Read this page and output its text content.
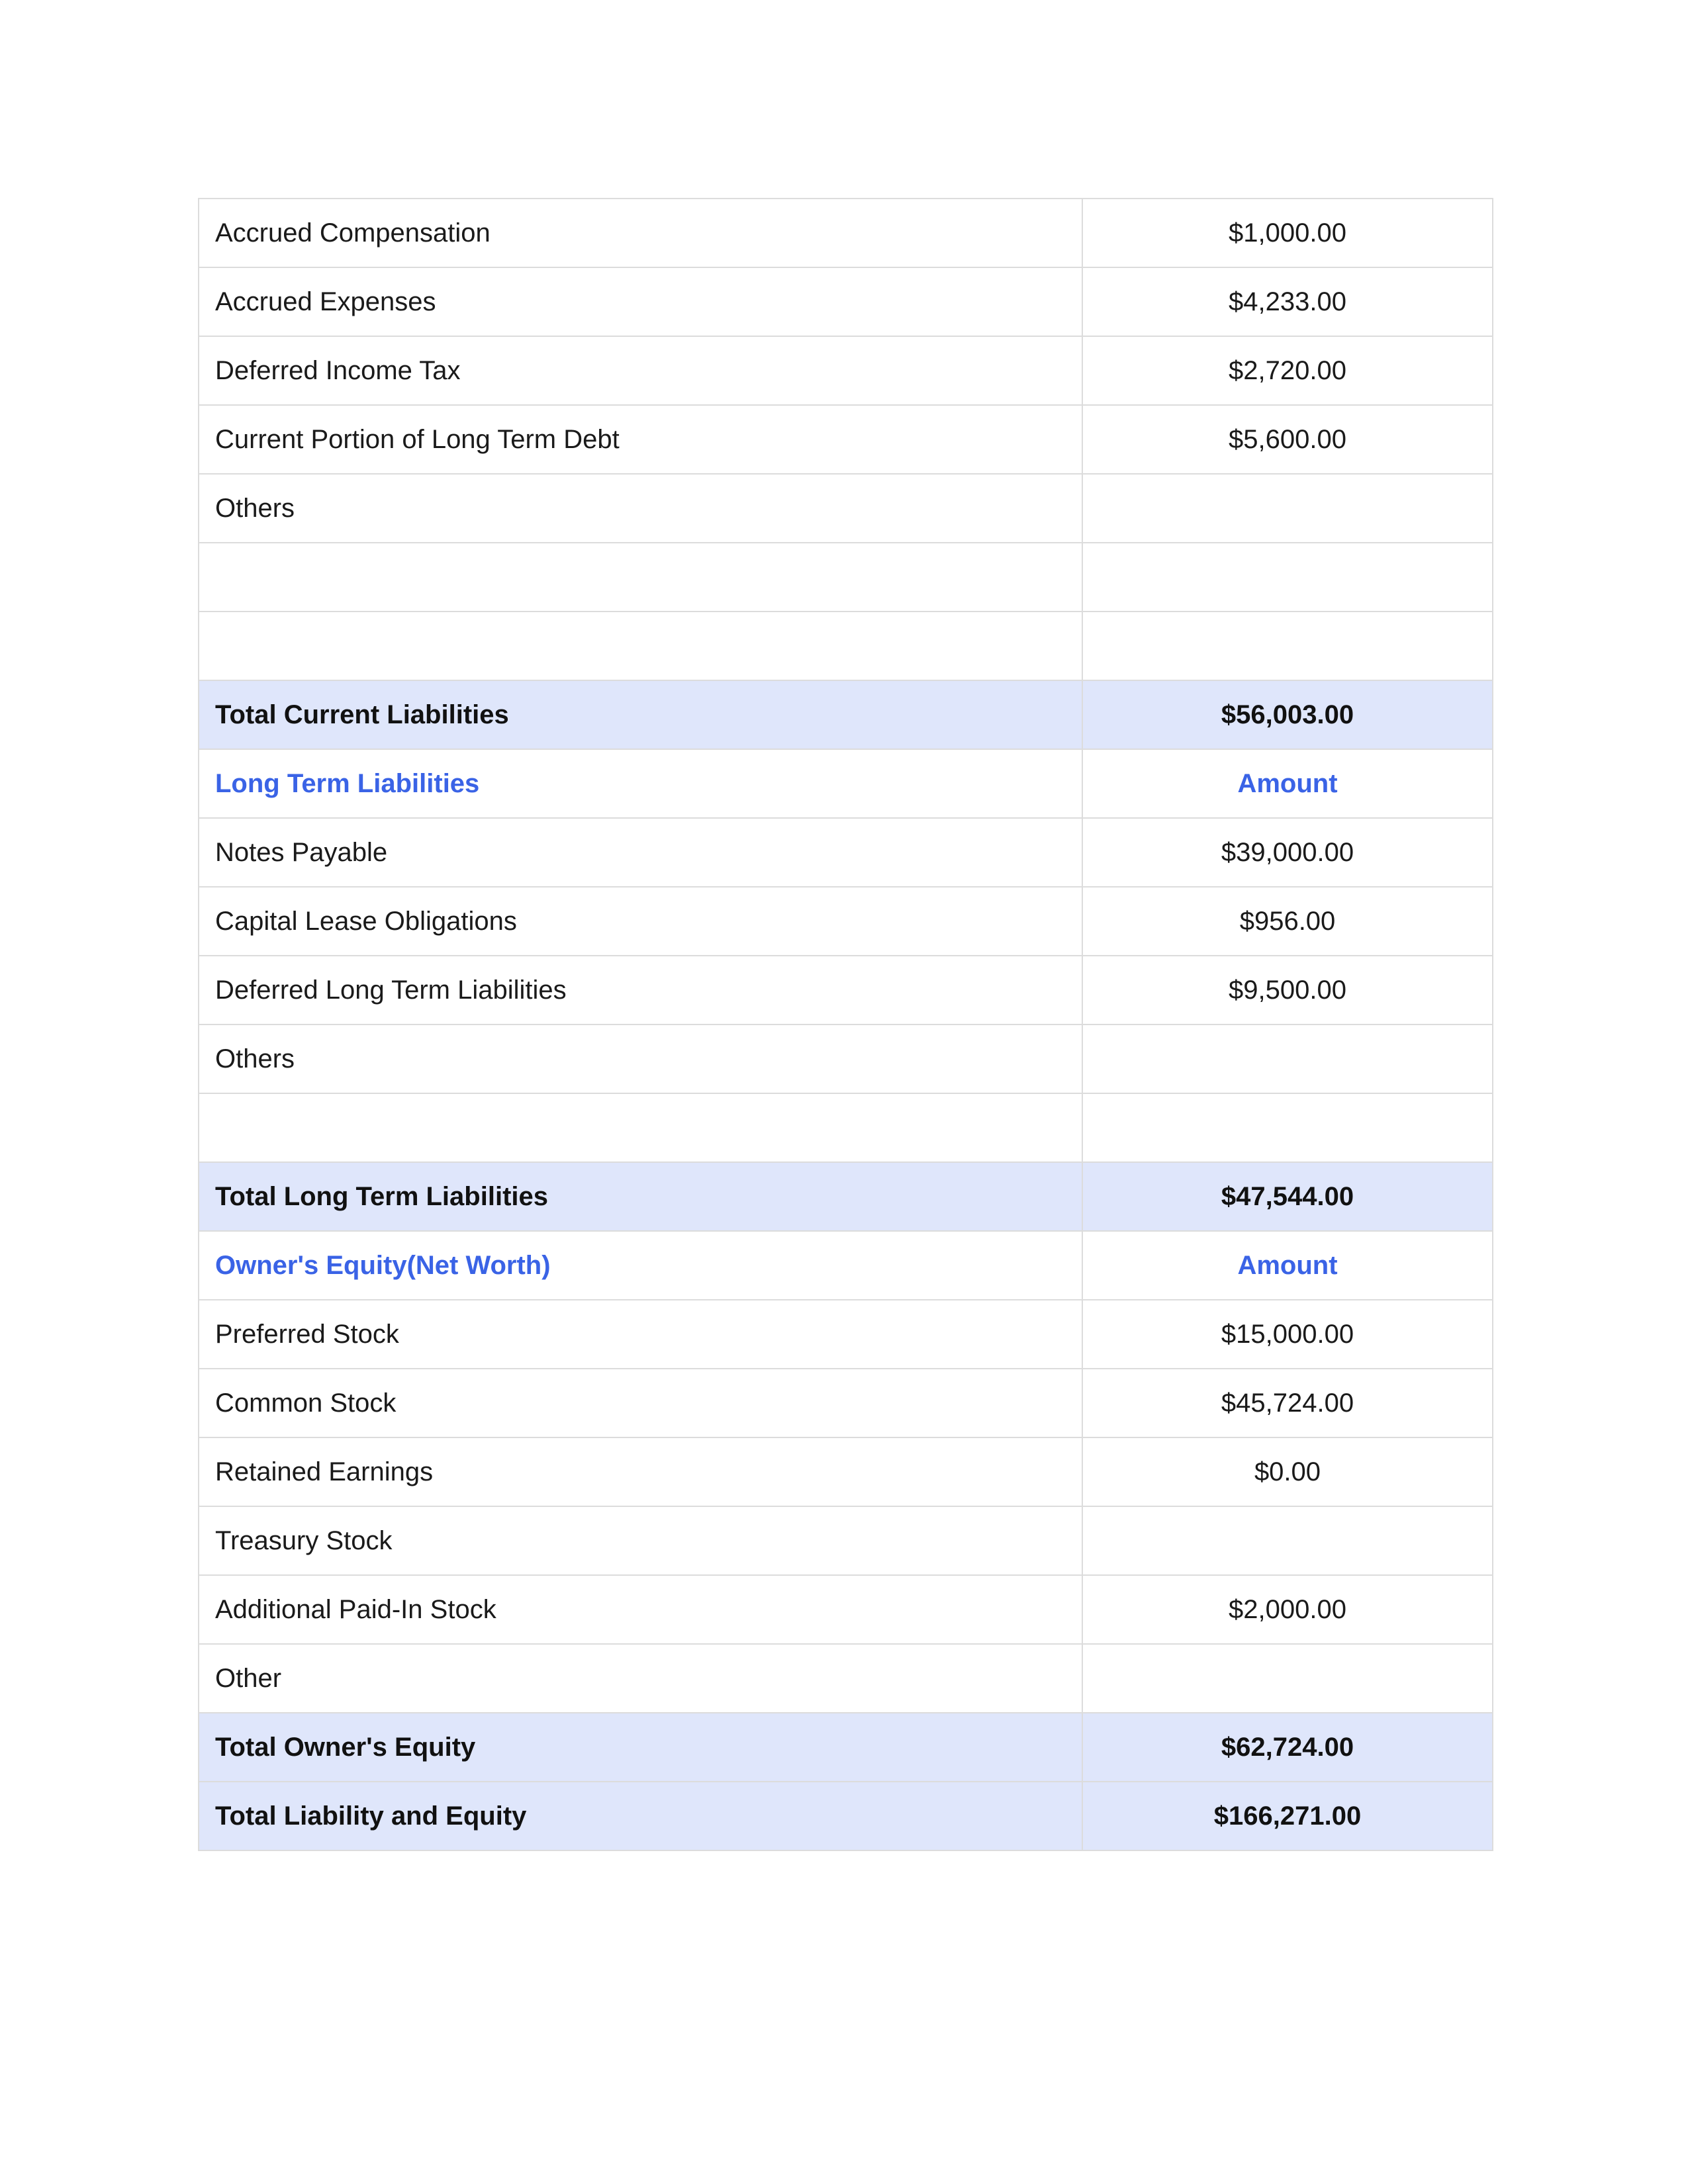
Accrued Compensation	$1,000.00
Accrued Expenses	$4,233.00
Deferred Income Tax	$2,720.00
Current Portion of Long Term Debt	$5,600.00
Others	

Total Current Liabilities	$56,003.00
Long Term Liabilities	Amount
Notes Payable	$39,000.00
Capital Lease Obligations	$956.00
Deferred Long Term Liabilities	$9,500.00
Others	

Total Long Term Liabilities	$47,544.00
Owner's Equity(Net Worth)	Amount
Preferred Stock	$15,000.00
Common Stock	$45,724.00
Retained Earnings	$0.00
Treasury Stock	
Additional Paid-In Stock	$2,000.00
Other	
Total Owner's Equity	$62,724.00
Total Liability and Equity	$166,271.00
